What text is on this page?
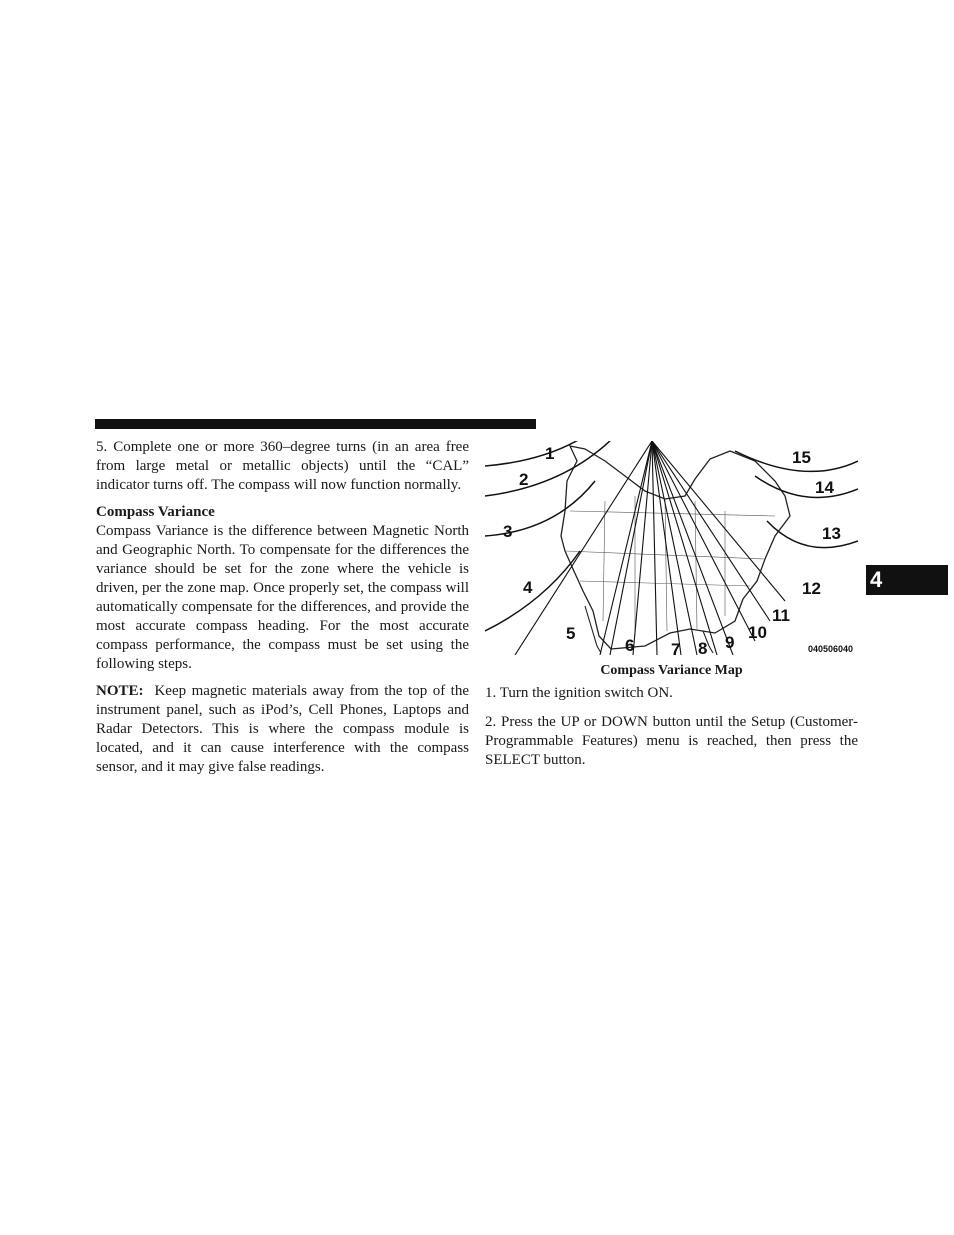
5. Complete one or more 360–degree turns (in an area free from large metal or metallic objects) until the “CAL” indicator turns off. The compass will now function normally.

Compass Variance

Compass Variance is the difference between Magnetic North and Geographic North. To compensate for the differences the variance should be set for the zone where the vehicle is driven, per the zone map. Once properly set, the compass will automatically compensate for the differences, and provide the most accurate compass heading. For the most accurate compass performance, the compass must be set using the following steps.

NOTE: Keep magnetic materials away from the top of the instrument panel, such as iPod’s, Cell Phones, Laptops and Radar Detectors. This is where the compass module is located, and it can cause interference with the compass sensor, and it may give false readings.

1
2
3
4
5
6 7 8 9
10
11
12
13
14
15
040506040
Compass Variance Map

1. Turn the ignition switch ON.

2. Press the UP or DOWN button until the Setup (Customer-Programmable Features) menu is reached, then press the SELECT button.

4
